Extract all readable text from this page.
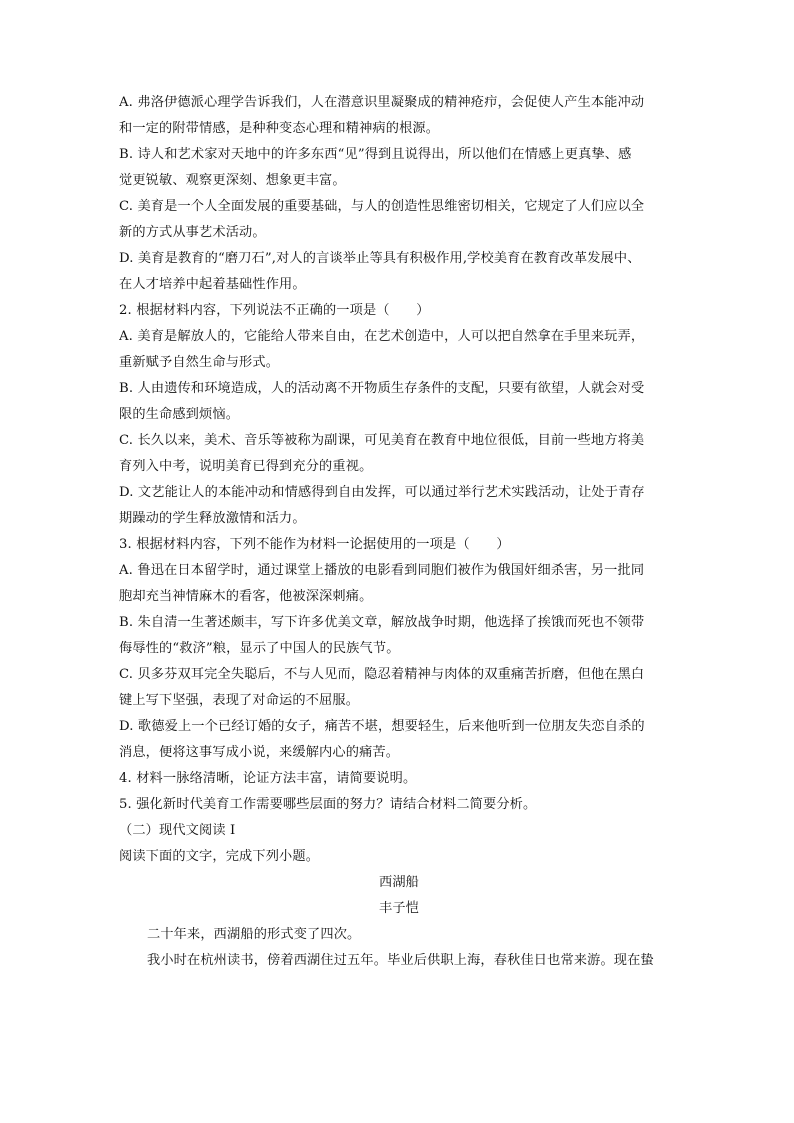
A. 弗洛伊德派心理学告诉我们，人在潜意识里凝聚成的精神疮疖，会促使人产生本能冲动
和一定的附带情感，是种种变态心理和精神病的根源。
B. 诗人和艺术家对天地中的许多东西“见”得到且说得出，所以他们在情感上更真挚、感
觉更锐敏、观察更深刻、想象更丰富。
C. 美育是一个人全面发展的重要基础，与人的创造性思维密切相关，它规定了人们应以全
新的方式从事艺术活动。
D. 美育是教育的“磨刀石”,对人的言谈举止等具有积极作用,学校美育在教育改革发展中、
在人才培养中起着基础性作用。
2. 根据材料内容，下列说法不正确的一项是（　　）
A. 美育是解放人的，它能给人带来自由，在艺术创造中，人可以把自然拿在手里来玩弄，
重新赋予自然生命与形式。
B. 人由遗传和环境造成，人的活动离不开物质生存条件的支配，只要有欲望，人就会对受
限的生命感到烦恼。
C. 长久以来，美术、音乐等被称为副课，可见美育在教育中地位很低，目前一些地方将美
育列入中考，说明美育已得到充分的重视。
D. 文艺能让人的本能冲动和情感得到自由发挥，可以通过举行艺术实践活动，让处于青存
期躁动的学生释放激情和活力。
3. 根据材料内容，下列不能作为材料一论据使用的一项是（　　）
A. 鲁迅在日本留学时，通过课堂上播放的电影看到同胞们被作为俄国奸细杀害，另一批同
胞却充当神情麻木的看客，他被深深刺痛。
B. 朱自清一生著述颇丰，写下许多优美文章，解放战争时期，他选择了挨饿而死也不领带
侮辱性的“救济”粮，显示了中国人的民族气节。
C. 贝多芬双耳完全失聪后，不与人见而，隐忍着精神与肉体的双重痛苦折磨，但他在黑白
键上写下坚强，表现了对命运的不屈服。
D. 歌德爱上一个已经订婚的女子，痛苦不堪，想要轻生，后来他听到一位朋友失恋自杀的
消息，便将这事写成小说，来缓解内心的痛苦。
4. 材料一脉络清晰，论证方法丰富，请简要说明。
5. 强化新时代美育工作需要哪些层面的努力？请结合材料二简要分析。
（二）现代文阅读 I
阅读下面的文字，完成下列小题。
西湖船
丰子恺
二十年来，西湖船的形式变了四次。
我小时在杭州读书，傍着西湖住过五年。毕业后供职上海，春秋佳日也常来游。现在蛰
